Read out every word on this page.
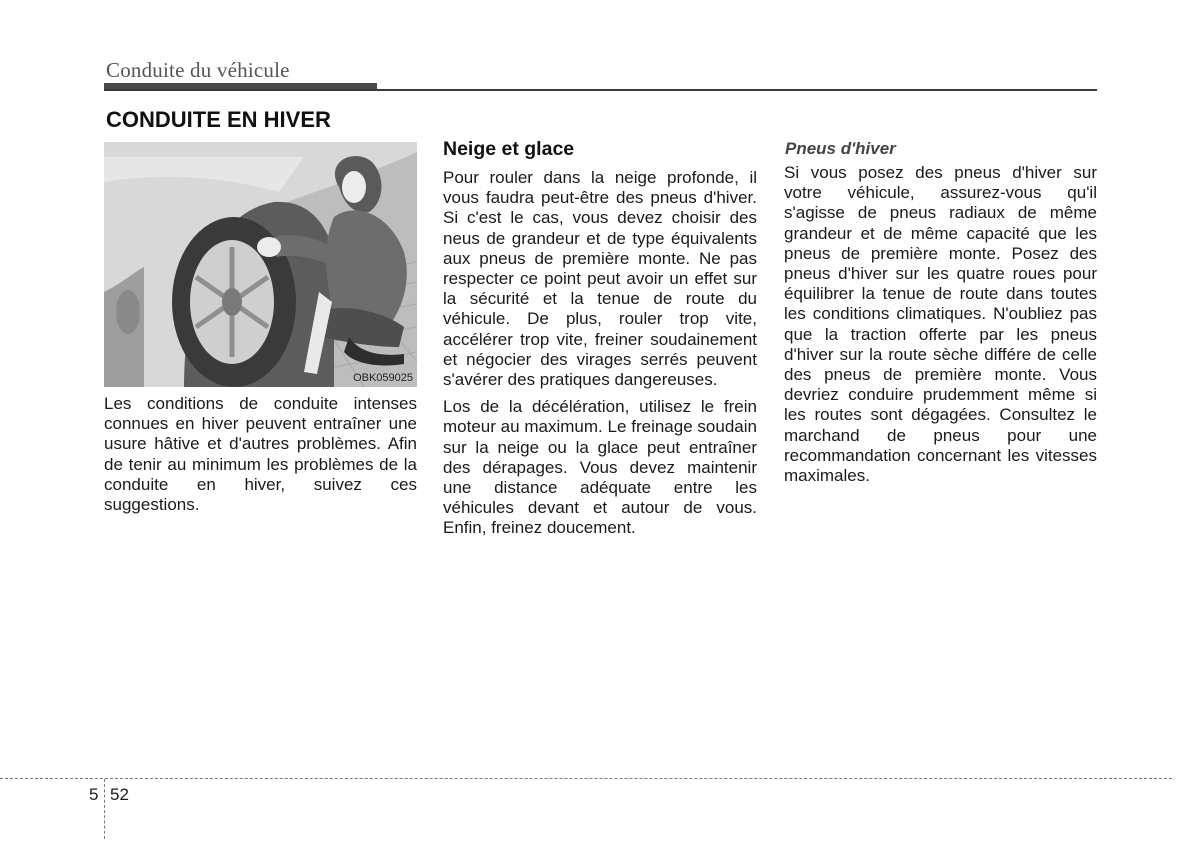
Conduite du véhicule
CONDUITE EN HIVER
OBK059025

Les conditions de conduite intenses connues en hiver peuvent entraîner une usure hâtive et d'autres problèmes. Afin de tenir au minimum les problèmes de la conduite en hiver, suivez ces suggestions.

Neige et glace

Pour rouler dans la neige profonde, il vous faudra peut-être des pneus d'hiver. Si c'est le cas, vous devez choisir des neus de grandeur et de type équivalents aux pneus de première monte. Ne pas respecter ce point peut avoir un effet sur la sécurité et la tenue de route du véhicule. De plus, rouler trop vite, accélérer trop vite, freiner soudainement et négocier des virages serrés peuvent s'avérer des pratiques dangereuses.

Los de la décélération, utilisez le frein moteur au maximum. Le freinage soudain sur la neige ou la glace peut entraîner des dérapages. Vous devez maintenir une distance adéquate entre les véhicules devant et autour de vous. Enfin, freinez doucement.

Pneus d'hiver

Si vous posez des pneus d'hiver sur votre véhicule, assurez-vous qu'il s'agisse de pneus radiaux de même grandeur et de même capacité que les pneus de première monte. Posez des pneus d'hiver sur les quatre roues pour équilibrer la tenue de route dans toutes les conditions climatiques. N'oubliez pas que la traction offerte par les pneus d'hiver sur la route sèche différe de celle des pneus de première monte. Vous devriez conduire prudemment même si les routes sont dégagées. Consultez le marchand de pneus pour une recommandation concernant les vitesses maximales.

5 52
